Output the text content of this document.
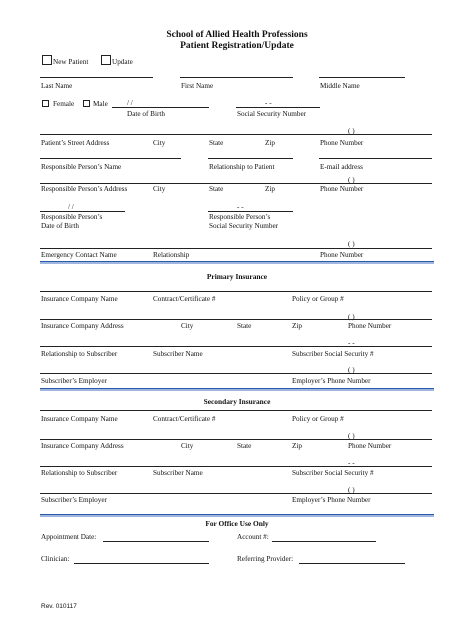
School of Allied Health Professions
Patient Registration/Update
New Patient	Update
Last Name	First Name	Middle Name
Female	Male	/ /
Date of Birth
- -
Social Security Number
( )
Patient’s Street Address	City	State	Zip	Phone Number
Responsible Person’s Name	Relationship to Patient	E-mail address
( )
Responsible Person’s Address	City	State	Zip	Phone Number
/ /
Responsible Person’s
Date of Birth
- -
Responsible Person’s
Social Security Number
( )
Emergency Contact Name	Relationship	Phone Number
Primary Insurance
Insurance Company Name	Contract/Certificate #	Policy or Group #
( )
Insurance Company Address	City	State	Zip	Phone Number
- -
Relationship to Subscriber	Subscriber Name	Subscriber Social Security #
( )
Subscriber’s Employer	Employer’s Phone Number
Secondary Insurance
Insurance Company Name	Contract/Certificate #	Policy or Group #
( )
Insurance Company Address	City	State	Zip	Phone Number
- -
Relationship to Subscriber	Subscriber Name	Subscriber Social Security #
( )
Subscriber’s Employer	Employer’s Phone Number
For Office Use Only
Appointment Date:	Account #:
Clinician:	Referring Provider:
Rev. 010117
